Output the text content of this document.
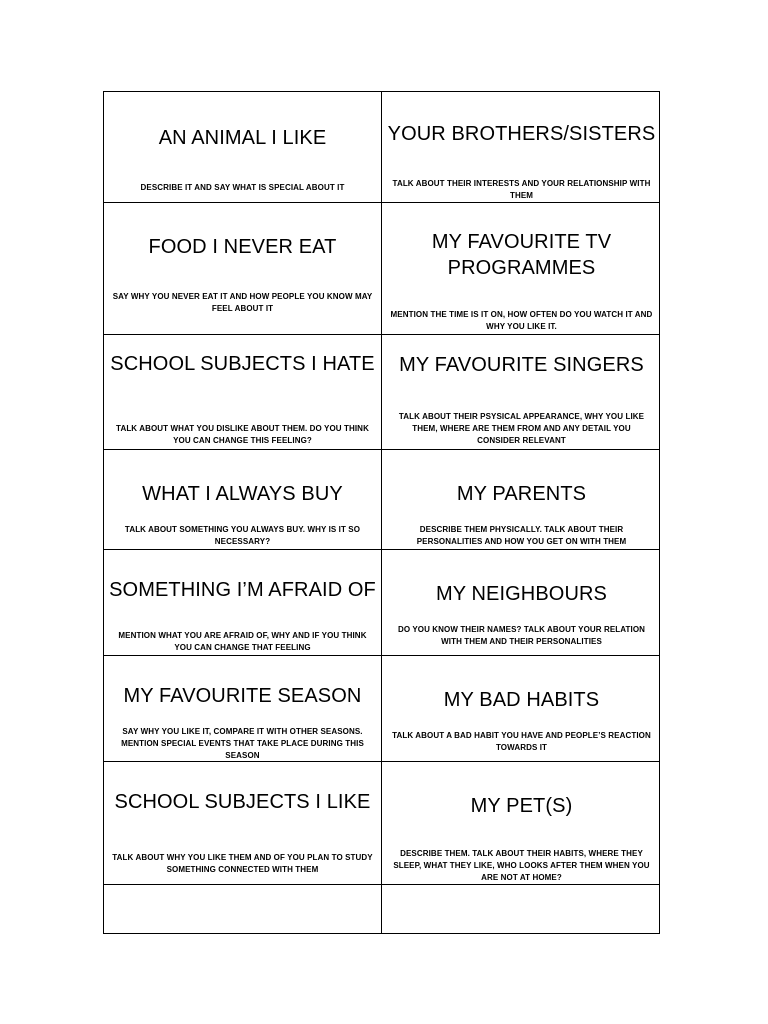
AN ANIMAL I LIKE
DESCRIBE IT AND SAY WHAT IS SPECIAL ABOUT IT
YOUR BROTHERS/SISTERS
TALK ABOUT THEIR INTERESTS AND YOUR RELATIONSHIP WITH THEM
FOOD I NEVER EAT
SAY WHY YOU NEVER EAT IT AND HOW PEOPLE YOU KNOW MAY FEEL ABOUT IT
MY FAVOURITE TV PROGRAMMES
MENTION THE TIME IS IT ON, HOW OFTEN DO YOU WATCH IT AND WHY YOU LIKE IT.
SCHOOL SUBJECTS I HATE
TALK ABOUT WHAT YOU DISLIKE ABOUT THEM. DO YOU THINK YOU CAN CHANGE THIS FEELING?
MY FAVOURITE SINGERS
TALK ABOUT THEIR PSYSICAL APPEARANCE, WHY YOU LIKE THEM, WHERE ARE THEM FROM AND ANY DETAIL YOU CONSIDER RELEVANT
WHAT I ALWAYS BUY
TALK ABOUT SOMETHING YOU ALWAYS BUY. WHY IS IT SO NECESSARY?
MY PARENTS
DESCRIBE THEM PHYSICALLY. TALK ABOUT THEIR PERSONALITIES AND HOW YOU GET ON WITH THEM
SOMETHING I’M AFRAID OF
MENTION WHAT YOU ARE AFRAID OF, WHY AND IF YOU THINK YOU CAN CHANGE THAT FEELING
MY NEIGHBOURS
DO YOU KNOW THEIR NAMES? TALK ABOUT YOUR RELATION WITH THEM AND THEIR PERSONALITIES
MY FAVOURITE SEASON
SAY WHY YOU LIKE IT, COMPARE IT WITH OTHER SEASONS. MENTION SPECIAL EVENTS THAT TAKE PLACE DURING THIS SEASON
MY BAD HABITS
TALK ABOUT A BAD HABIT YOU HAVE AND PEOPLE’S REACTION TOWARDS IT
SCHOOL SUBJECTS I LIKE
TALK ABOUT WHY YOU LIKE THEM AND OF YOU PLAN TO STUDY SOMETHING CONNECTED WITH THEM
MY PET(S)
DESCRIBE THEM. TALK ABOUT THEIR HABITS, WHERE THEY SLEEP, WHAT THEY LIKE, WHO LOOKS AFTER THEM WHEN YOU ARE NOT AT HOME?
